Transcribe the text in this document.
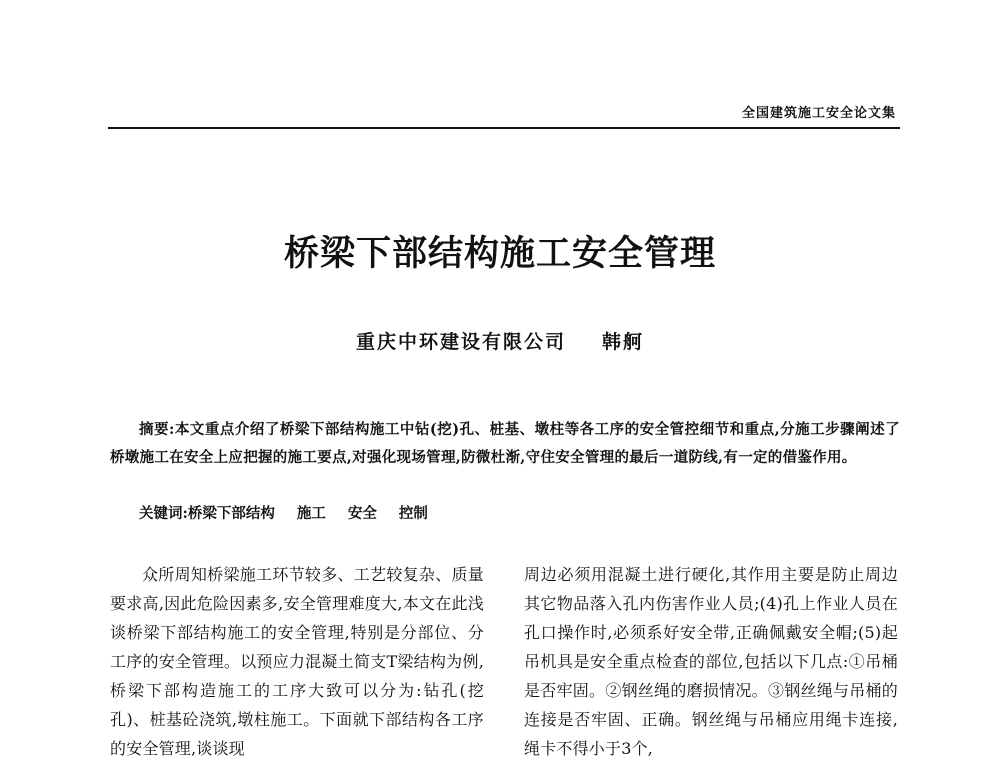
全国建筑施工安全论文集
桥梁下部结构施工安全管理
重庆中环建设有限公司 韩舸
摘要:本文重点介绍了桥梁下部结构施工中钻(挖)孔、桩基、墩柱等各工序的安全管控细节和重点,分施工步骤阐述了桥墩施工在安全上应把握的施工要点,对强化现场管理,防微杜渐,守住安全管理的最后一道防线,有一定的借鉴作用。
关键词:桥梁下部结构 施工 安全 控制
众所周知桥梁施工环节较多、工艺较复杂、质量要求高,因此危险因素多,安全管理难度大,本文在此浅谈桥梁下部结构施工的安全管理,特别是分部位、分工序的安全管理。以预应力混凝土简支T梁结构为例,桥梁下部构造施工的工序大致可以分为:钻孔(挖孔)、桩基砼浇筑,墩柱施工。下面就下部结构各工序的安全管理,谈谈现
周边必须用混凝土进行硬化,其作用主要是防止周边其它物品落入孔内伤害作业人员;(4)孔上作业人员在孔口操作时,必须系好安全带,正确佩戴安全帽;(5)起吊机具是安全重点检查的部位,包括以下几点:①吊桶是否牢固。②钢丝绳的磨损情况。③钢丝绳与吊桶的连接是否牢固、正确。钢丝绳与吊桶应用绳卡连接,绳卡不得小于3个,
